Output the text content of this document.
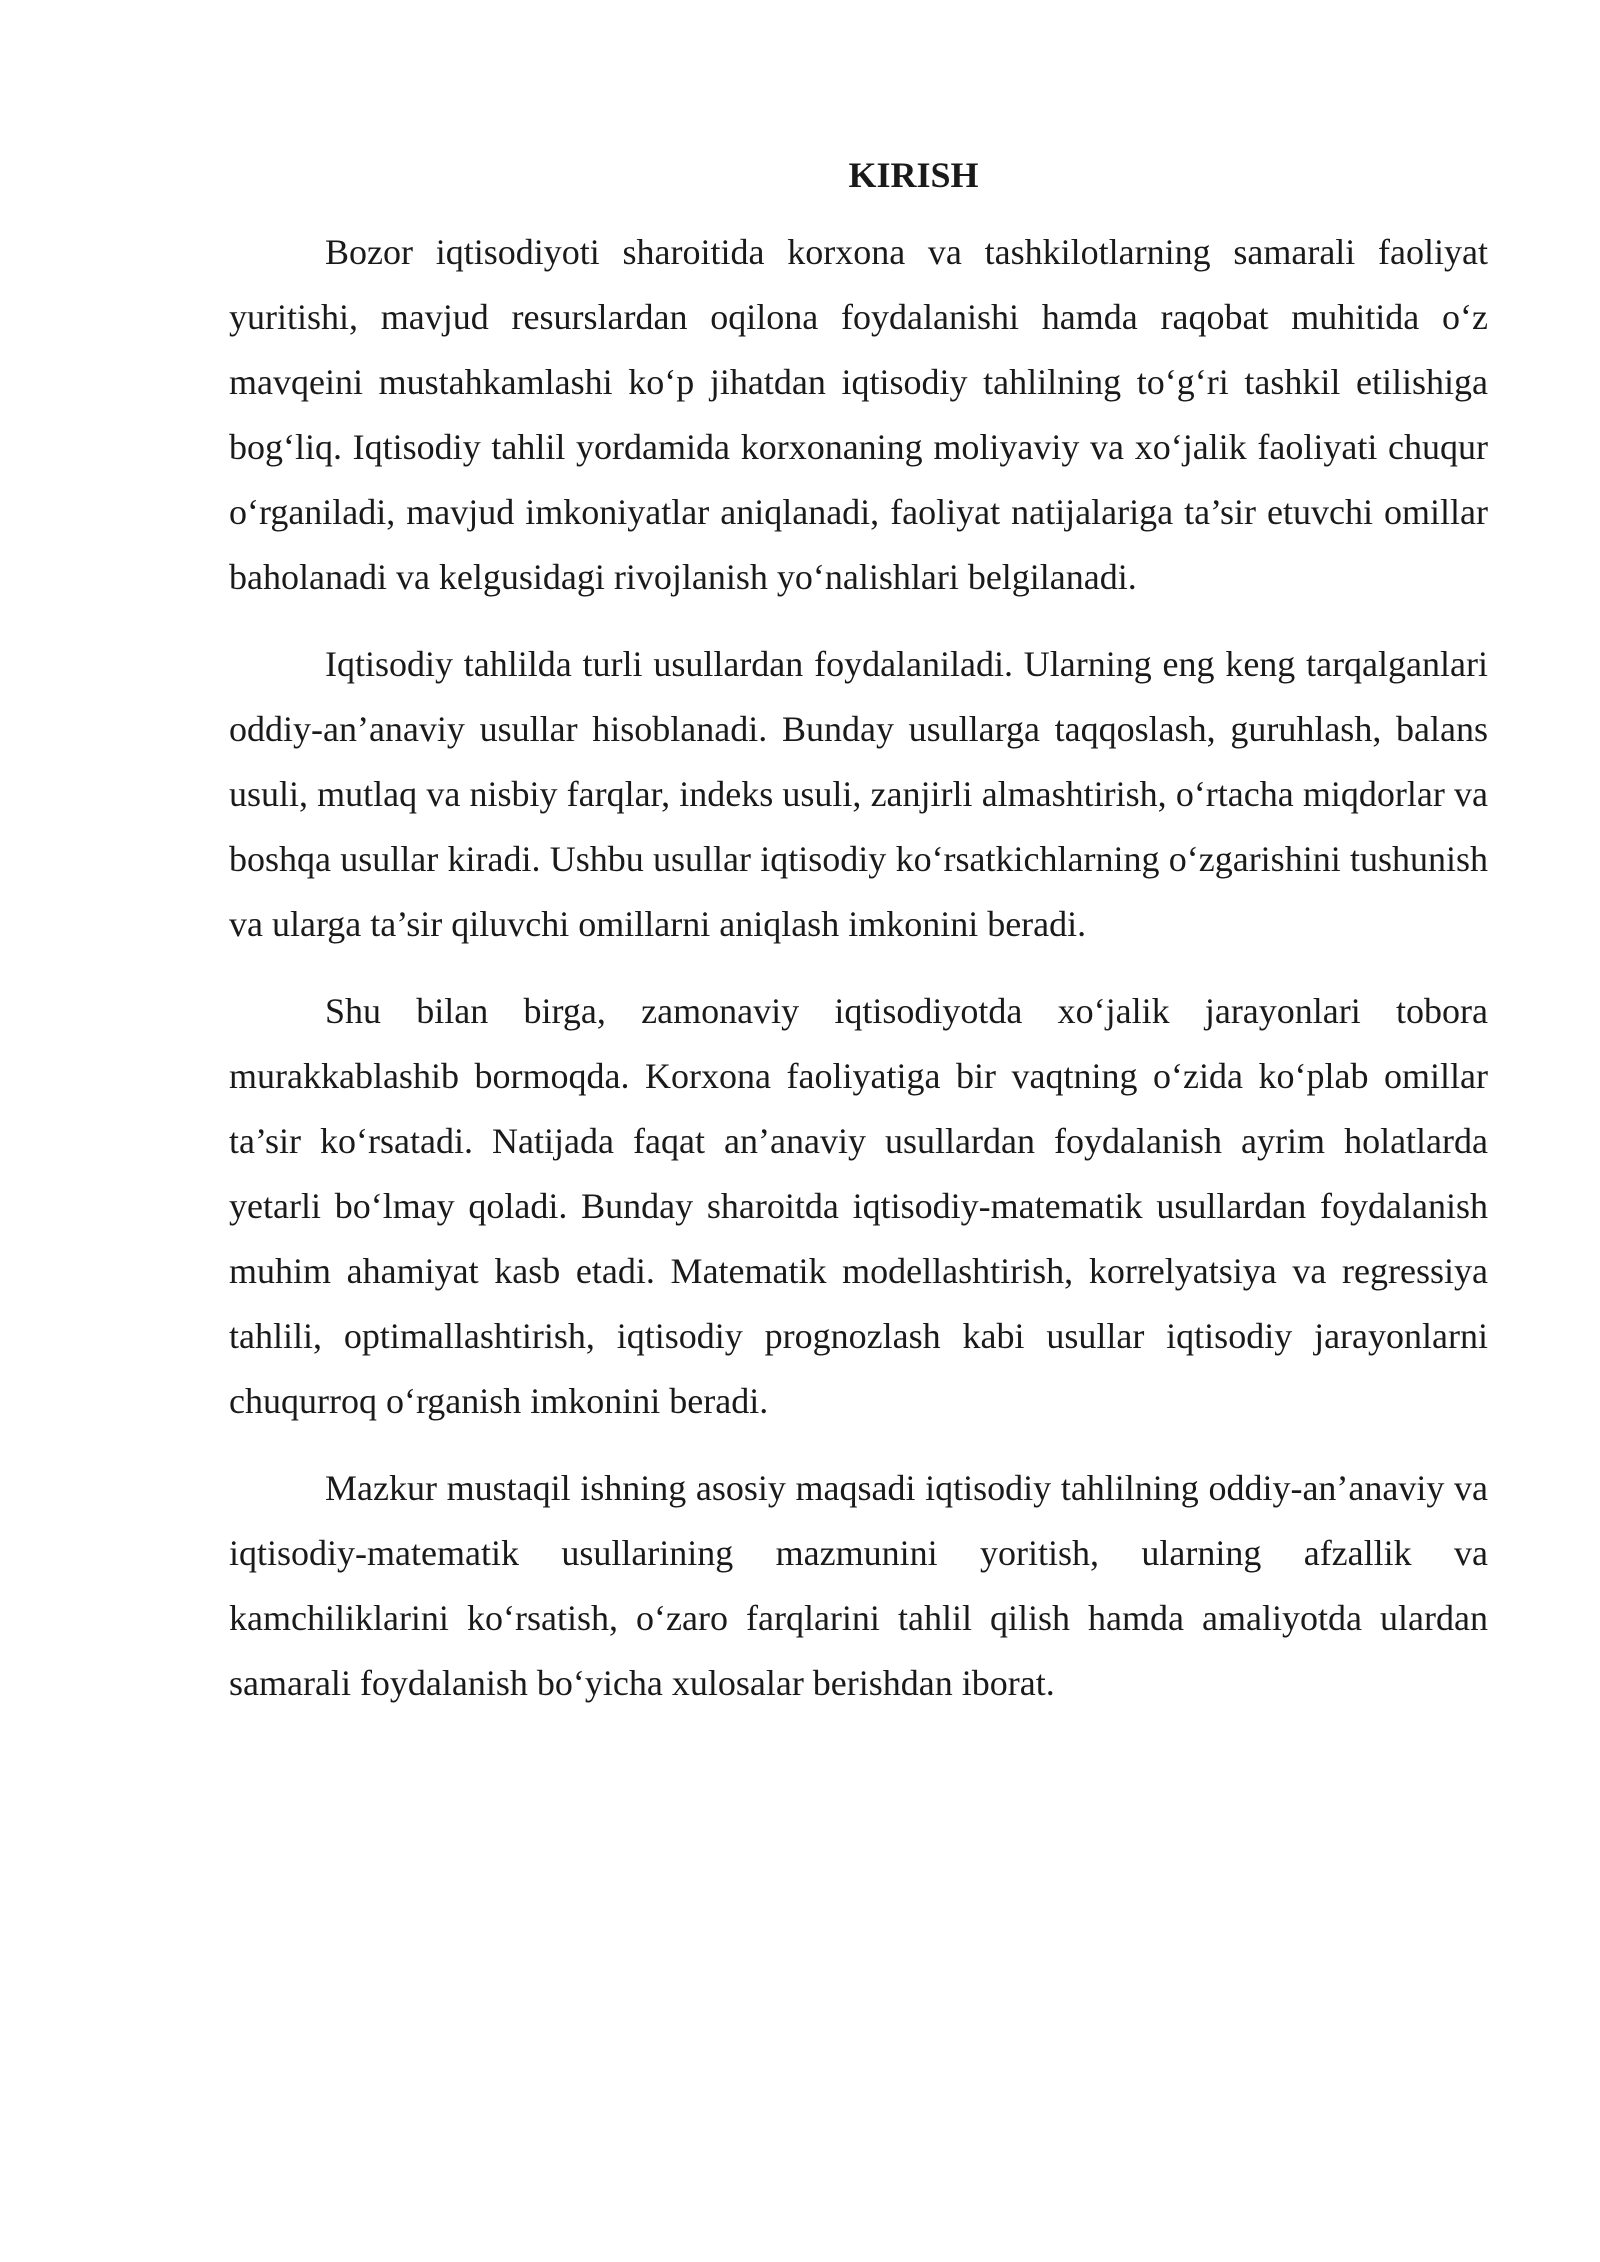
KIRISH

Bozor iqtisodiyoti sharoitida korxona va tashkilotlarning samarali faoliyat yuritishi, mavjud resurslardan oqilona foydalanishi hamda raqobat muhitida o‘z mavqeini mustahkamlashi ko‘p jihatdan iqtisodiy tahlilning to‘g‘ri tashkil etilishiga bog‘liq. Iqtisodiy tahlil yordamida korxonaning moliyaviy va xo‘jalik faoliyati chuqur o‘rganiladi, mavjud imkoniyatlar aniqlanadi, faoliyat natijalariga ta’sir etuvchi omillar baholanadi va kelgusidagi rivojlanish yo‘nalishlari belgilanadi.

Iqtisodiy tahlilda turli usullardan foydalaniladi. Ularning eng keng tarqalganlari oddiy-an’anaviy usullar hisoblanadi. Bunday usullarga taqqoslash, guruhlash, balans usuli, mutlaq va nisbiy farqlar, indeks usuli, zanjirli almashtirish, o‘rtacha miqdorlar va boshqa usullar kiradi. Ushbu usullar iqtisodiy ko‘rsatkichlarning o‘zgarishini tushunish va ularga ta’sir qiluvchi omillarni aniqlash imkonini beradi.

Shu bilan birga, zamonaviy iqtisodiyotda xo‘jalik jarayonlari tobora murakkablashib bormoqda. Korxona faoliyatiga bir vaqtning o‘zida ko‘plab omillar ta’sir ko‘rsatadi. Natijada faqat an’anaviy usullardan foydalanish ayrim holatlarda yetarli bo‘lmay qoladi. Bunday sharoitda iqtisodiy-matematik usullardan foydalanish muhim ahamiyat kasb etadi. Matematik modellashtirish, korrelyatsiya va regressiya tahlili, optimallashtirish, iqtisodiy prognozlash kabi usullar iqtisodiy jarayonlarni chuqurroq o‘rganish imkonini beradi.

Mazkur mustaqil ishning asosiy maqsadi iqtisodiy tahlilning oddiy-an’anaviy va iqtisodiy-matematik usullarining mazmunini yoritish, ularning afzallik va kamchiliklarini ko‘rsatish, o‘zaro farqlarini tahlil qilish hamda amaliyotda ulardan samarali foydalanish bo‘yicha xulosalar berishdan iborat.
